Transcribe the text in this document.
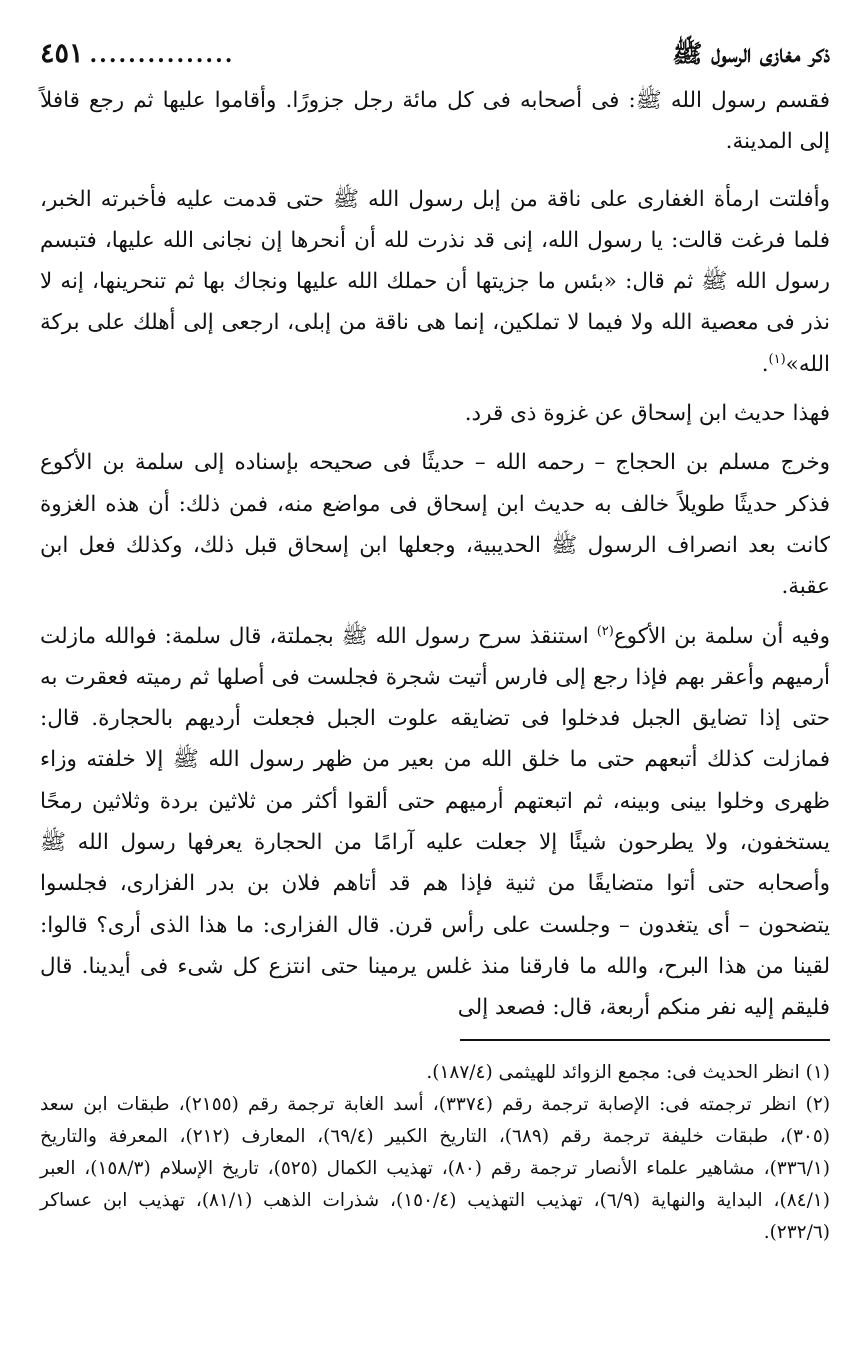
ذكر مغازى الرسول ﷺ
٤٥١ ...............

فقسم رسول الله ﷺ: فى أصحابه فى كل مائة رجل جزورًا. وأقاموا عليها ثم رجع قافلاً إلى المدينة.

وأفلتت ارمأة الغفارى على ناقة من إبل رسول الله ﷺ حتى قدمت عليه فأخبرته الخبر، فلما فرغت قالت: يا رسول الله، إنى قد نذرت لله أن أنحرها إن نجانى الله عليها، فتبسم رسول الله ﷺ ثم قال: «بئس ما جزيتها أن حملك الله عليها ونجاك بها ثم تنحرينها، إنه لا نذر فى معصية الله ولا فيما لا تملكين، إنما هى ناقة من إبلى، ارجعى إلى أهلك على بركة الله»$^{(١)}$.

فهذا حديث ابن إسحاق عن غزوة ذى قرد.

وخرج مسلم بن الحجاج – رحمه الله – حديثًا فى صحيحه بإسناده إلى سلمة بن الأكوع فذكر حديثًا طويلاً خالف به حديث ابن إسحاق فى مواضع منه، فمن ذلك: أن هذه الغزوة كانت بعد انصراف الرسول ﷺ الحديبية، وجعلها ابن إسحاق قبل ذلك، وكذلك فعل ابن عقبة.

وفيه أن سلمة بن الأكوع$^{(٢)}$ استنقذ سرح رسول الله ﷺ بجملتة، قال سلمة: فوالله مازلت أرميهم وأعقر بهم فإذا رجع إلى فارس أتيت شجرة فجلست فى أصلها ثم رميته فعقرت به حتى إذا تضايق الجبل فدخلوا فى تضايقه علوت الجبل فجعلت أرديهم بالحجارة. قال: فمازلت كذلك أتبعهم حتى ما خلق الله من بعير من ظهر رسول الله ﷺ إلا خلفته وزاء ظهرى وخلوا بينى وبينه، ثم اتبعتهم أرميهم حتى ألقوا أكثر من ثلاثين بردة وثلاثين رمحًا يستخفون، ولا يطرحون شيئًا إلا جعلت عليه آرامًا من الحجارة يعرفها رسول الله ﷺ وأصحابه حتى أتوا متضايقًا من ثنية فإذا هم قد أتاهم فلان بن بدر الفزارى، فجلسوا يتضحون – أى يتغدون – وجلست على رأس قرن. قال الفزارى: ما هذا الذى أرى؟ قالوا: لقينا من هذا البرح، والله ما فارقنا منذ غلس يرمينا حتى انتزع كل شىء فى أيدينا. قال فليقم إليه نفر منكم أربعة، قال: فصعد إلى

(١) انظر الحديث فى: مجمع الزوائد للهيثمى (١٨٧/٤).

(٢) انظر ترجمته فى: الإصابة ترجمة رقم (٣٣٧٤)، أسد الغابة ترجمة رقم (٢١٥٥)، طبقات ابن سعد (٣٠٥)، طبقات خليفة ترجمة رقم (٦٨٩)، التاريخ الكبير (٦٩/٤)، المعارف (٢١٢)، المعرفة والتاريخ (٣٣٦/١)، مشاهير علماء الأنصار ترجمة رقم (٨٠)، تهذيب الكمال (٥٢٥)، تاريخ الإسلام (١٥٨/٣)، العبر (٨٤/١)، البداية والنهاية (٦/٩)، تهذيب التهذيب (١٥٠/٤)، شذرات الذهب (٨١/١)، تهذيب ابن عساكر (٢٣٢/٦).
